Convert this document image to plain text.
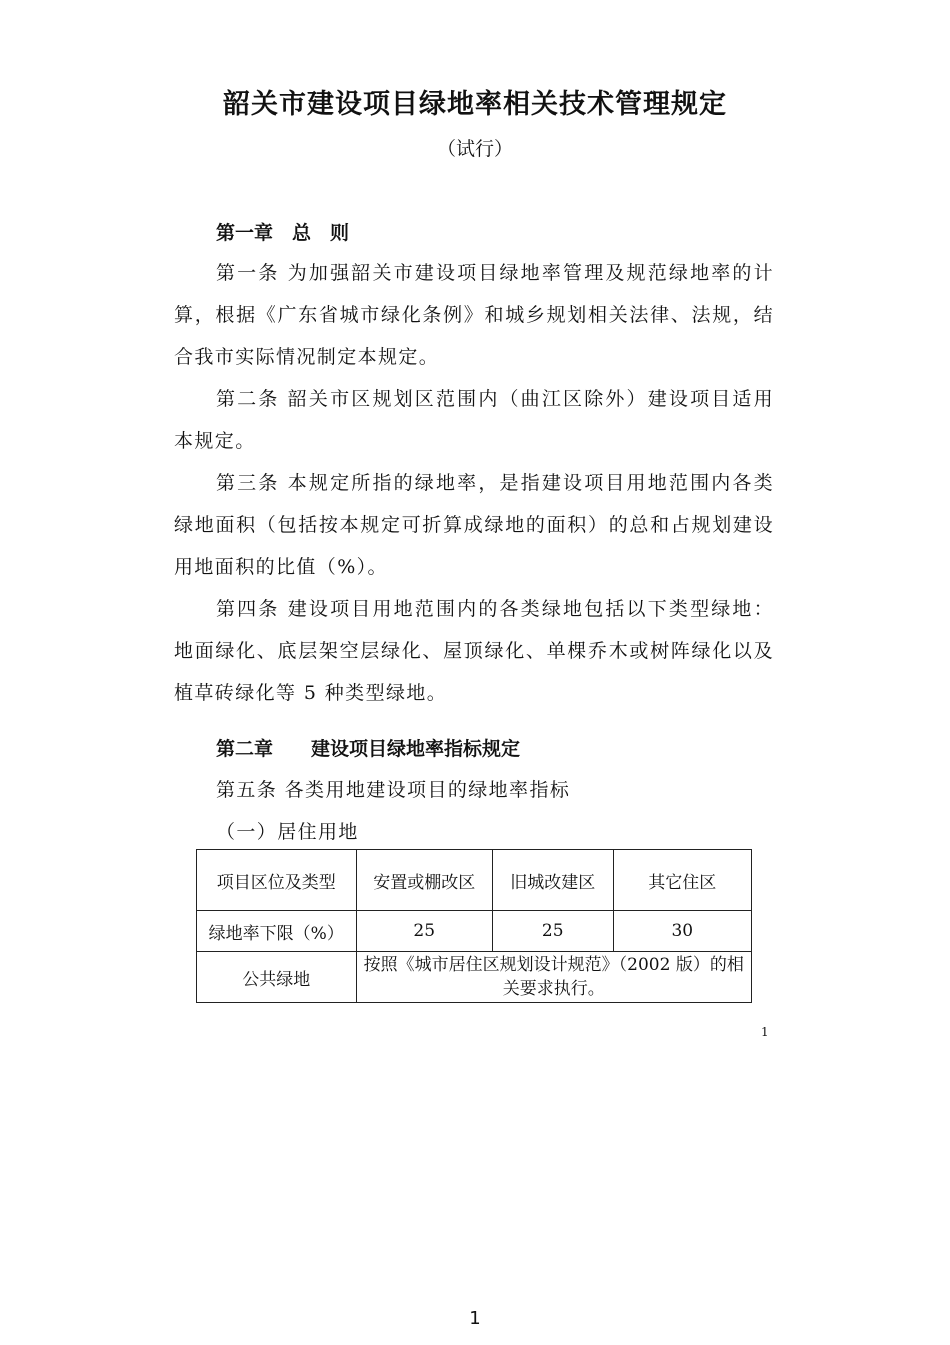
韶关市建设项目绿地率相关技术管理规定
（试行）
第一章　总　则
第一条 为加强韶关市建设项目绿地率管理及规范绿地率的计算，根据《广东省城市绿化条例》和城乡规划相关法律、法规，结合我市实际情况制定本规定。
第二条 韶关市区规划区范围内（曲江区除外）建设项目适用本规定。
第三条 本规定所指的绿地率，是指建设项目用地范围内各类绿地面积（包括按本规定可折算成绿地的面积）的总和占规划建设用地面积的比值（%）。
第四条 建设项目用地范围内的各类绿地包括以下类型绿地：地面绿化、底层架空层绿化、屋顶绿化、单棵乔木或树阵绿化以及植草砖绿化等 5 种类型绿地。
第二章　　建设项目绿地率指标规定
第五条 各类用地建设项目的绿地率指标
（一）居住用地
项目区位及类型	安置或棚改区	旧城改建区	其它住区
绿地率下限（%）	25	25	30
公共绿地	按照《城市居住区规划设计规范》（2002 版）的相关要求执行。		
1
1
